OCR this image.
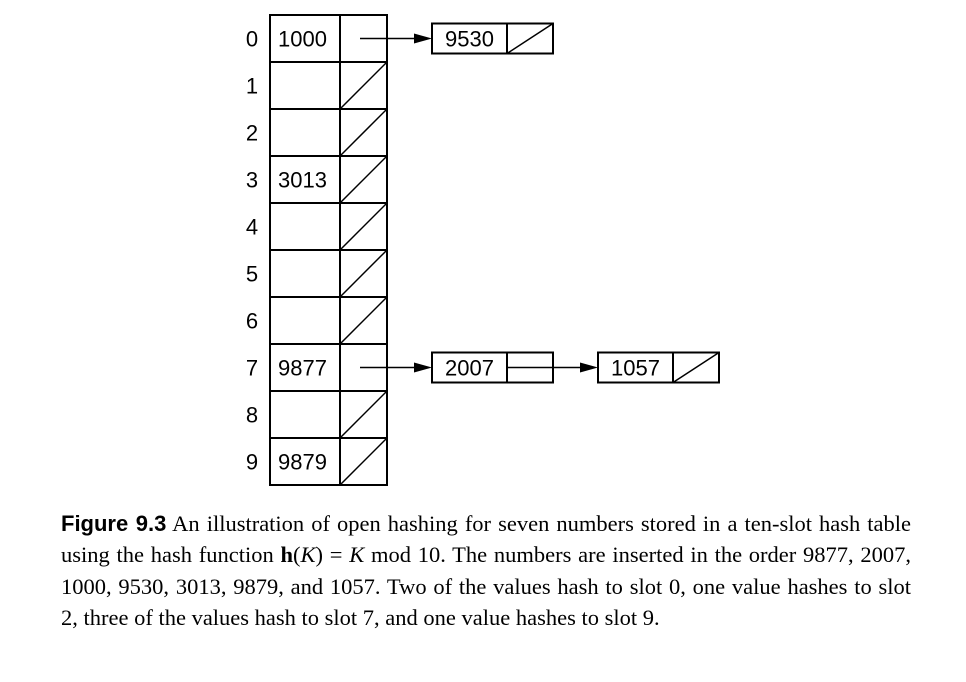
0 1000
1
2
3 3013
4
5
6
7 9877
8
9 9879
9530
2007	1057
Figure 9.3 An illustration of open hashing for seven numbers stored in a ten-slot hash table using the hash function h(K) = K mod 10. The numbers are inserted in the order 9877, 2007, 1000, 9530, 3013, 9879, and 1057. Two of the values hash to slot 0, one value hashes to slot 2, three of the values hash to slot 7, and one value hashes to slot 9.
